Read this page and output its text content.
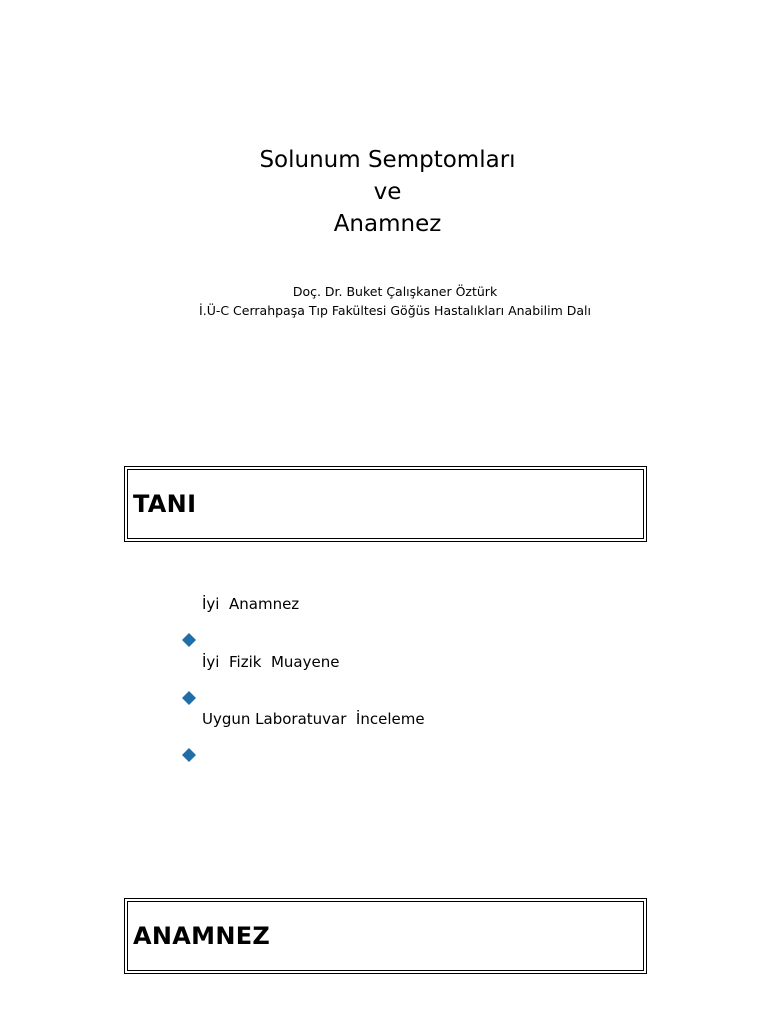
Solunum Semptomları
ve
Anamnez
Doç. Dr. Buket Çalışkaner Öztürk
İ.Ü-C Cerrahpaşa Tıp Fakültesi Göğüs Hastalıkları Anabilim Dalı
TANI

İyi  Anamnez

İyi  Fizik  Muayene

Uygun Laboratuvar  İnceleme
ANAMNEZ
